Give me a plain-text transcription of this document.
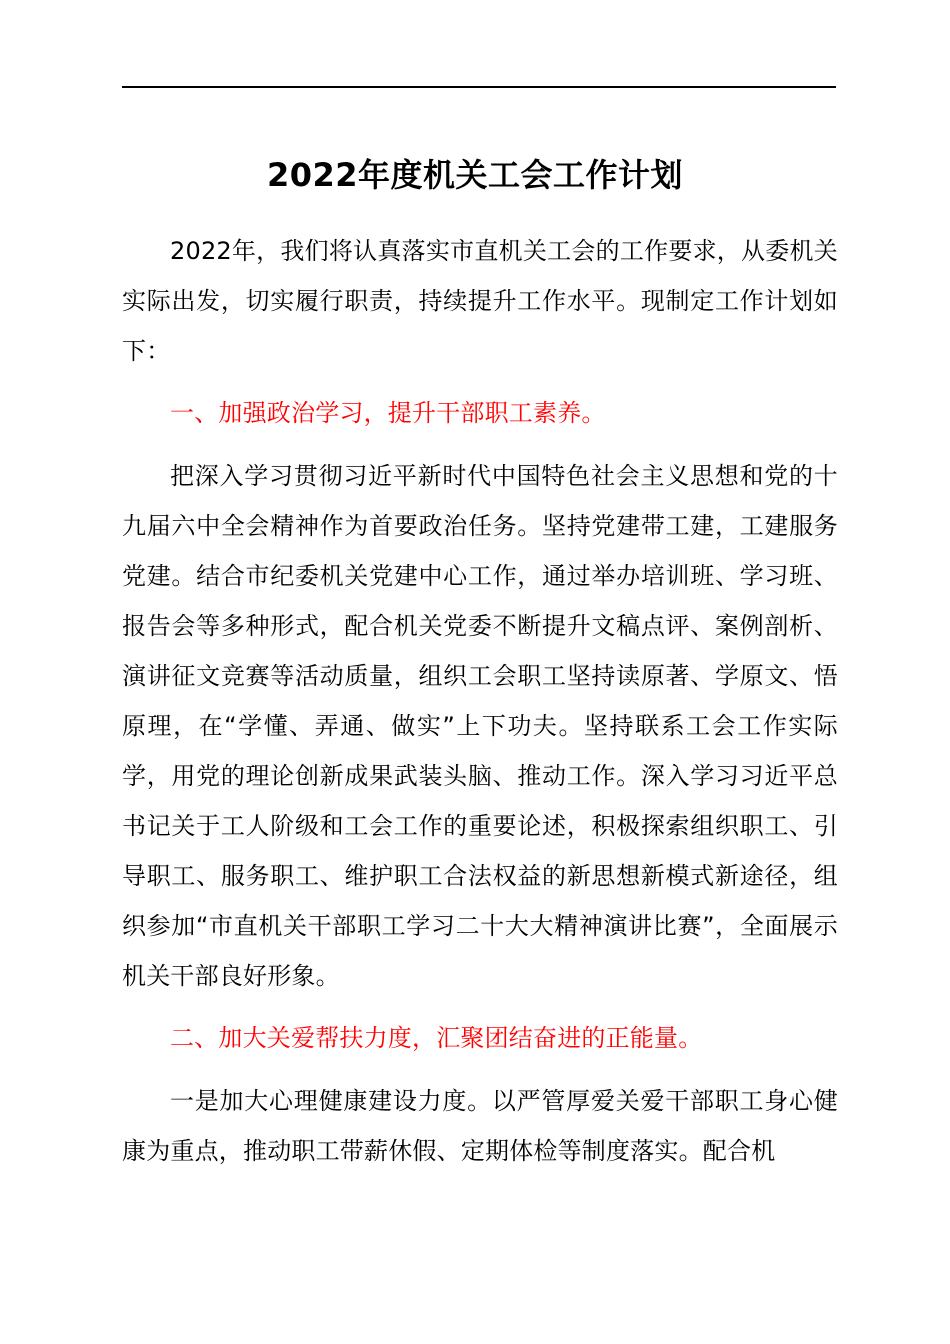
2022年度机关工会工作计划

2022年，我们将认真落实市直机关工会的工作要求，从委机关实际出发，切实履行职责，持续提升工作水平。现制定工作计划如下：

一、加强政治学习，提升干部职工素养。

把深入学习贯彻习近平新时代中国特色社会主义思想和党的十九届六中全会精神作为首要政治任务。坚持党建带工建，工建服务党建。结合市纪委机关党建中心工作，通过举办培训班、学习班、报告会等多种形式，配合机关党委不断提升文稿点评、案例剖析、演讲征文竞赛等活动质量，组织工会职工坚持读原著、学原文、悟原理，在“学懂、弄通、做实”上下功夫。坚持联系工会工作实际学，用党的理论创新成果武装头脑、推动工作。深入学习习近平总书记关于工人阶级和工会工作的重要论述，积极探索组织职工、引导职工、服务职工、维护职工合法权益的新思想新模式新途径，组织参加“市直机关干部职工学习二十大大精神演讲比赛”，全面展示机关干部良好形象。

二、加大关爱帮扶力度，汇聚团结奋进的正能量。

一是加大心理健康建设力度。以严管厚爱关爱干部职工身心健康为重点，推动职工带薪休假、定期体检等制度落实。配合机
